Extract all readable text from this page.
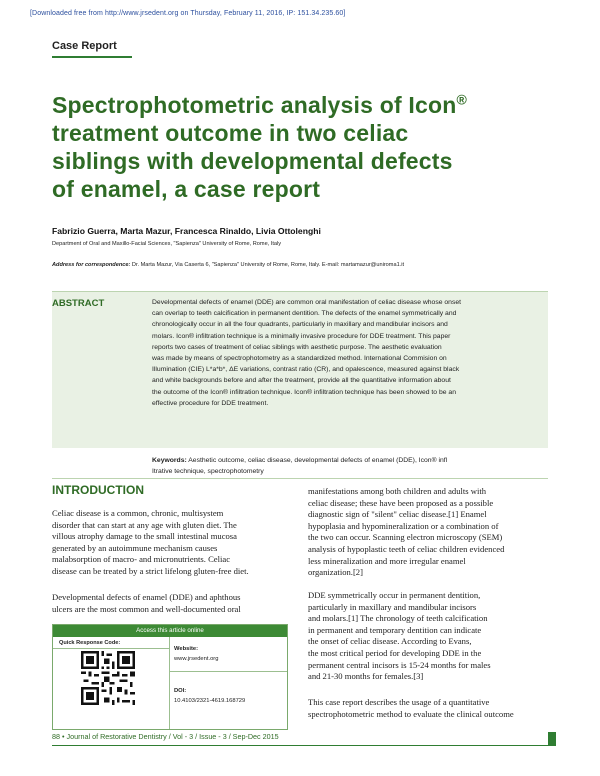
[Downloaded free from http://www.jrsedent.org on Thursday, February 11, 2016, IP: 151.34.235.60]
Case Report
Spectrophotometric analysis of Icon®
treatment outcome in two celiac
siblings with developmental defects
of enamel, a case report
Fabrizio Guerra, Marta Mazur, Francesca Rinaldo, Livia Ottolenghi
Department of Oral and Maxillo-Facial Sciences, "Sapienza" University of Rome, Rome, Italy
Address for correspondence: Dr. Marta Mazur, Via Caserta 6, "Sapienza" University of Rome, Rome, Italy. E-mail: martamazur@uniroma1.it
ABSTRACT	Developmental defects of enamel (DDE) are common oral manifestation of celiac disease whose onset
can overlap to teeth calcification in permanent dentition. The defects of the enamel symmetrically and
chronologically occur in all the four quadrants, particularly in maxillary and mandibular incisors and
molars. Icon® infiltration technique is a minimally invasive procedure for DDE treatment. This paper
reports two cases of treatment of celiac siblings with aesthetic purpose. The aesthetic evaluation
was made by means of spectrophotometry as a standardized method. International Commision on
Illumination (CIE) L*a*b*, ΔE variations, contrast ratio (CR), and opalescence, measured against black
and white backgrounds before and after the treatment, provide all the quantitative information about
the outcome of the Icon® infiltration technique. Icon® infiltration technique has been showed to be an
effective procedure for DDE treatment.
Keywords: Aesthetic outcome, celiac disease, developmental defects of enamel (DDE), Icon® infl
Itrative technique, spectrophotometry
INTRODUCTION
Celiac disease is a common, chronic, multisystem
disorder that can start at any age with gluten diet. The
villous atrophy damage to the small intestinal mucosa
generated by an autoimmune mechanism causes
malabsorption of macro- and micronutrients. Celiac
disease can be treated by a strict lifelong gluten-free diet.
Developmental defects of enamel (DDE) and aphthous
ulcers are the most common and well-documented oral
Access this article online
Quick Response Code:
Website:
www.jrsedent.org
DOI:
10.4103/2321-4619.168729
manifestations among both children and adults with
celiac disease; these have been proposed as a possible
diagnostic sign of "silent" celiac disease.[1] Enamel
hypoplasia and hypomineralization or a combination of
the two can occur. Scanning electron microscopy (SEM)
analysis of hypoplastic teeth of celiac children evidenced
less mineralization and more irregular enamel
organization.[2]
DDE symmetrically occur in permanent dentition,
particularly in maxillary and mandibular incisors
and molars.[1] The chronology of teeth calcification
in permanent and temporary dentition can indicate
the onset of celiac disease. According to Evans,
the most critical period for developing DDE in the
permanent central incisors is 15-24 months for males
and 21-30 months for females.[3]
This case report describes the usage of a quantitative
spectrophotometric method to evaluate the clinical outcome
88 • Journal of Restorative Dentistry / Vol - 3 / Issue - 3 / Sep-Dec 2015
